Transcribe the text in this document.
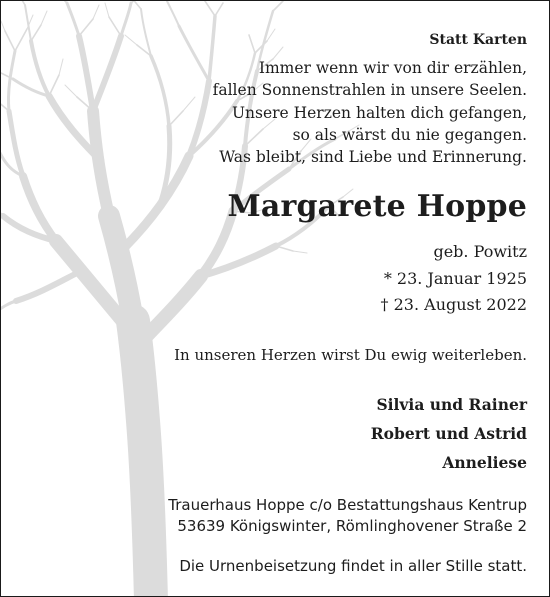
Statt Karten
Immer wenn wir von dir erzählen,
fallen Sonnenstrahlen in unsere Seelen.
Unsere Herzen halten dich gefangen,
so als wärst du nie gegangen.
Was bleibt, sind Liebe und Erinnerung.
Margarete Hoppe
geb. Powitz
* 23. Januar 1925
† 23. August 2022
In unseren Herzen wirst Du ewig weiterleben.
Silvia und Rainer
Robert und Astrid
Anneliese
Trauerhaus Hoppe c/o Bestattungshaus Kentrup
53639 Königswinter, Römlinghovener Straße 2
Die Urnenbeisetzung findet in aller Stille statt.
